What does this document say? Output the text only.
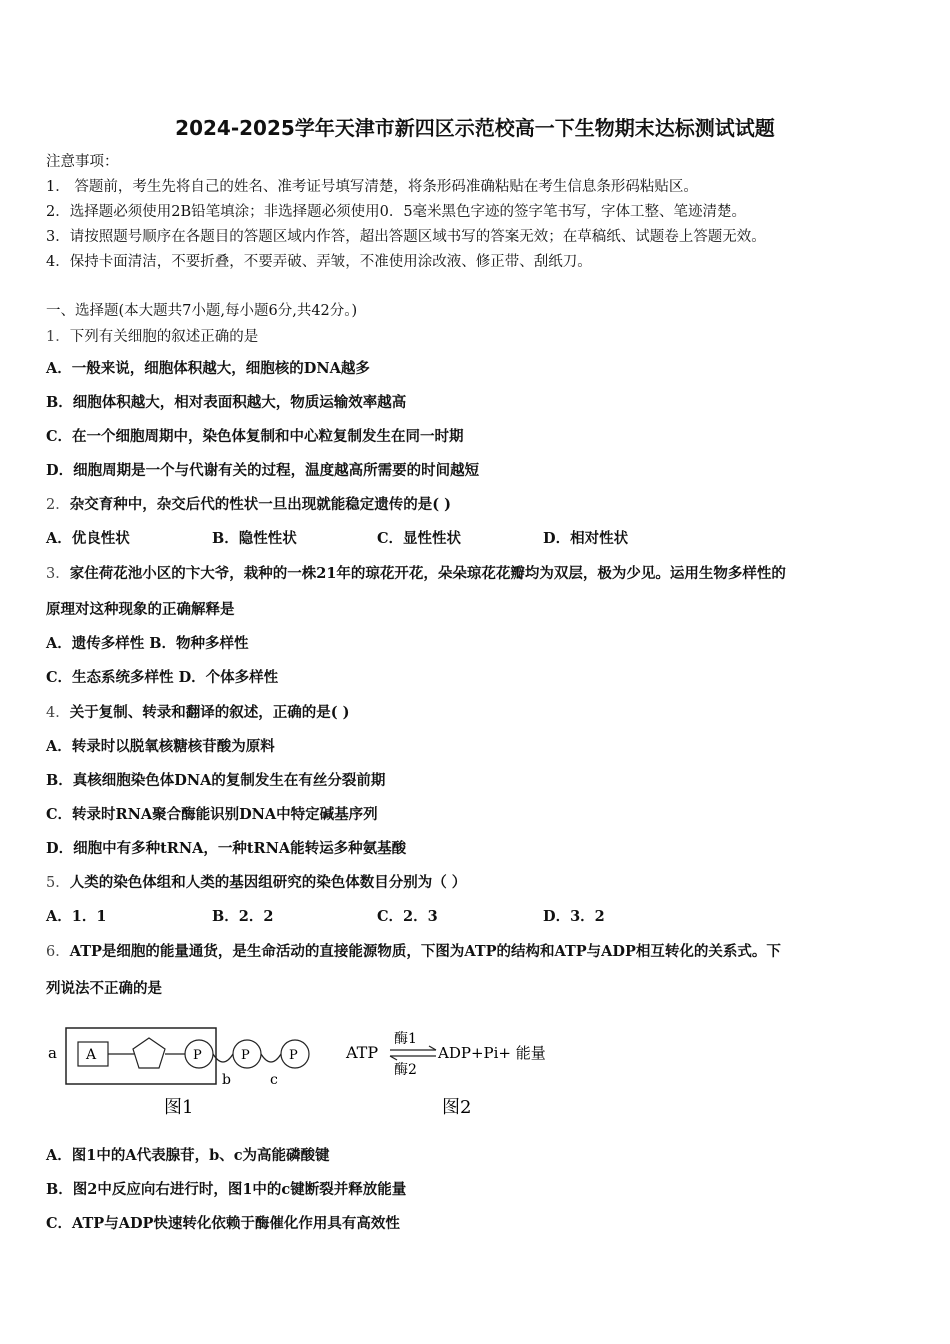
2024-2025学年天津市新四区示范校高一下生物期末达标测试试题
注意事项：
1． 答题前，考生先将自己的姓名、准考证号填写清楚，将条形码准确粘贴在考生信息条形码粘贴区。
2．选择题必须使用2B铅笔填涂；非选择题必须使用0．5毫米黑色字迹的签字笔书写，字体工整、笔迹清楚。
3．请按照题号顺序在各题目的答题区域内作答，超出答题区域书写的答案无效；在草稿纸、试题卷上答题无效。
4．保持卡面清洁，不要折叠，不要弄破、弄皱，不准使用涂改液、修正带、刮纸刀。
一、选择题(本大题共7小题,每小题6分,共42分。)
1．下列有关细胞的叙述正确的是
A．一般来说，细胞体积越大，细胞核的DNA越多
B．细胞体积越大，相对表面积越大，物质运输效率越高
C．在一个细胞周期中，染色体复制和中心粒复制发生在同一时期
D．细胞周期是一个与代谢有关的过程，温度越高所需要的时间越短
2．杂交育种中，杂交后代的性状一旦出现就能稳定遗传的是( )
A．优良性状	B．隐性性状	C．显性性状	D．相对性状
3．家住荷花池小区的卞大爷，栽种的一株21年的琼花开花，朵朵琼花花瓣均为双层，极为少见。运用生物多样性的
原理对这种现象的正确解释是
A．遗传多样性 B．物种多样性
C．生态系统多样性 D．个体多样性
4．关于复制、转录和翻译的叙述，正确的是( )
A．转录时以脱氧核糖核苷酸为原料
B．真核细胞染色体DNA的复制发生在有丝分裂前期
C．转录时RNA聚合酶能识别DNA中特定碱基序列
D．细胞中有多种tRNA，一种tRNA能转运多种氨基酸
5．人类的染色体组和人类的基因组研究的染色体数目分别为（ ）
A．1．1	B．2．2	C．2．3	D．3．2
6．ATP是细胞的能量通货，是生命活动的直接能源物质，下图为ATP的结构和ATP与ADP相互转化的关系式。下
列说法不正确的是
a A	P	P	P
b	c
图1
ATP
酶1
酶2
ADP+Pi+ 能量
图2
A．图1中的A代表腺苷，b、c为高能磷酸键
B．图2中反应向右进行时，图1中的c键断裂并释放能量
C．ATP与ADP快速转化依赖于酶催化作用具有高效性
